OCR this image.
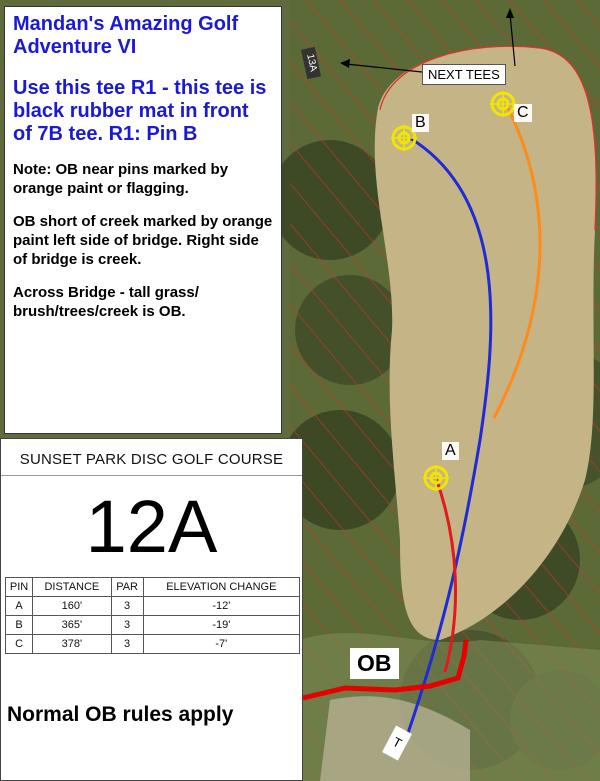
13A
NEXT TEES
B
C
A
OB
T

Mandan's Amazing Golf Adventure VI

Use this tee R1 - this tee is black rubber mat in front of 7B tee. R1: Pin B

Note: OB near pins marked by orange paint or flagging.

OB short of creek marked by orange paint left side of bridge. Right side of bridge is creek.

Across Bridge - tall grass/ brush/trees/creek is OB.

SUNSET PARK DISC GOLF COURSE
12A
PIN	DISTANCE	PAR	ELEVATION CHANGE
A	160'	3	-12'
B	365'	3	-19'
C	378'	3	-7'
Normal OB rules apply
